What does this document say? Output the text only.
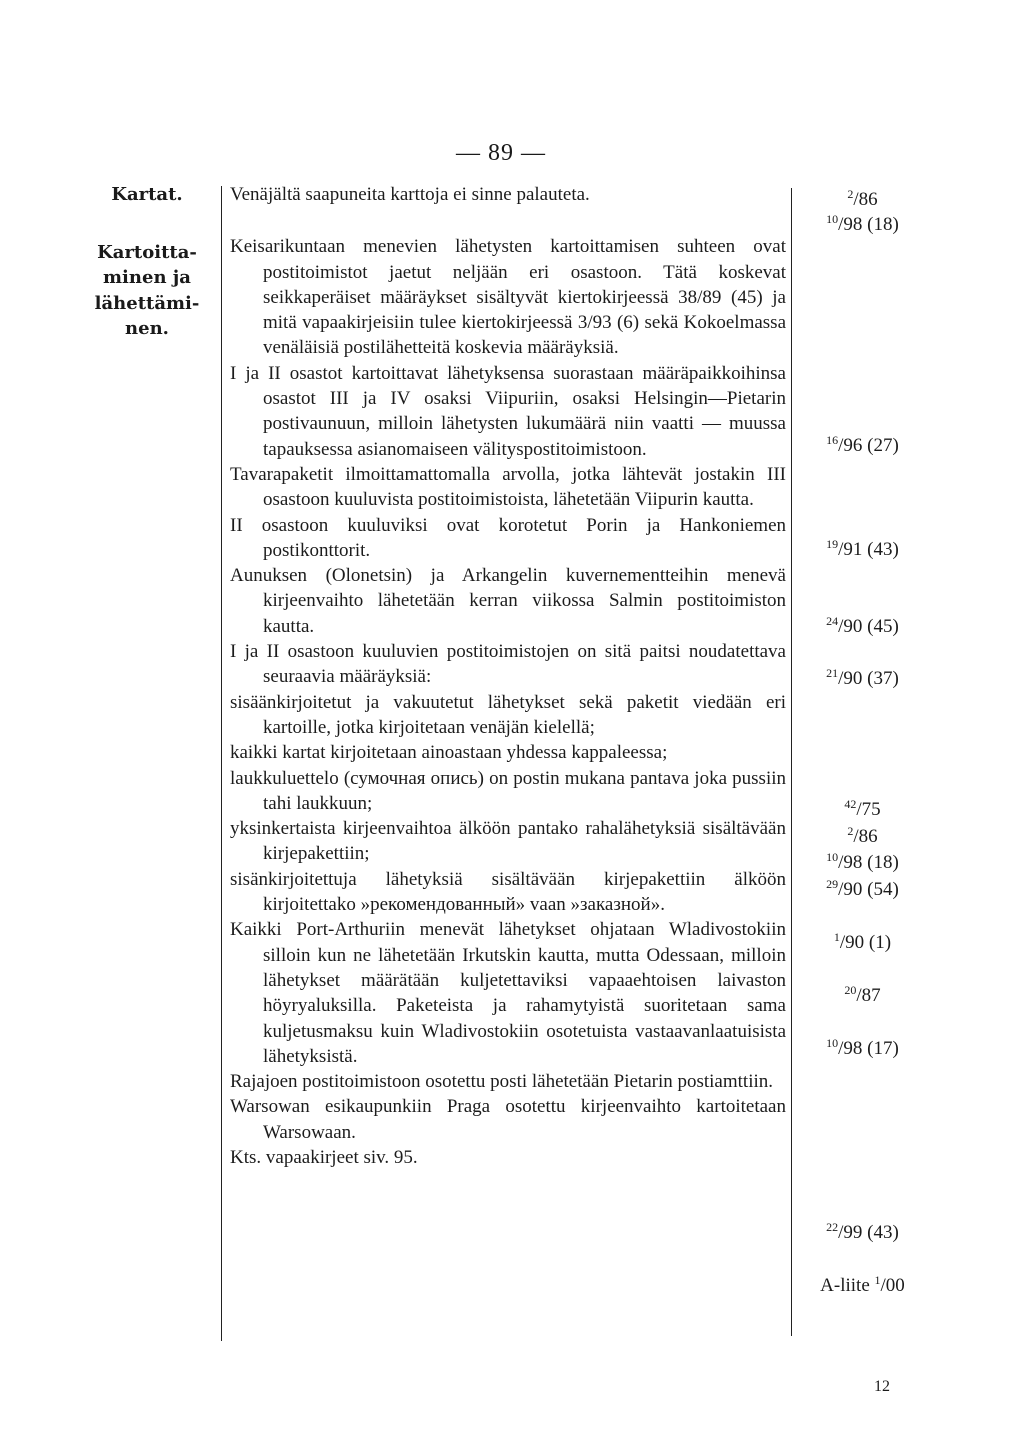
— 89 —

Kartat.

Kartoitta-minen ja lähettämi-nen.

Venäjältä saapuneita karttoja ei sinne palauteta.

Keisarikuntaan menevien lähetysten kartoittamisen suhteen ovat postitoimistot jaetut neljään eri osastoon. Tätä koskevat seikkaperäiset määräykset sisältyvät kiertokirjeessä 38/89 (45) ja mitä vapaakirjeisiin tulee kiertokirjeessä 3/93 (6) sekä Kokoelmassa venäläisiä postilähetteitä koskevia määräyksiä.

I ja II osastot kartoittavat lähetyksensa suorastaan määräpaikkoihinsa osastot III ja IV osaksi Viipuriin, osaksi Helsingin—Pietarin postivaunuun, milloin lähetysten lukumäärä niin vaatti — muussa tapauksessa asianomaiseen välityspostitoimistoon.

Tavarapaketit ilmoittamattomalla arvolla, jotka lähtevät jostakin III osastoon kuuluvista postitoimistoista, lähetetään Viipurin kautta.

II osastoon kuuluviksi ovat korotetut Porin ja Hankoniemen postikonttorit.

Aunuksen (Olonetsin) ja Arkangelin kuvernementteihin menevä kirjeenvaihto lähetetään kerran viikossa Salmin postitoimiston kautta.

I ja II osastoon kuuluvien postitoimistojen on sitä paitsi noudatettava seuraavia määräyksiä:

sisäänkirjoitetut ja vakuutetut lähetykset sekä paketit viedään eri kartoille, jotka kirjoitetaan venäjän kielellä;

kaikki kartat kirjoitetaan ainoastaan yhdessa kappaleessa;

laukkuluettelo (сумочная опись) on postin mukana pantava joka pussiin tahi laukkuun;

yksinkertaista kirjeenvaihtoa älköön pantako rahalähetyksiä sisältävään kirjepakettiin;

sisänkirjoitettuja lähetyksiä sisältävään kirjepakettiin älköön kirjoitettako »рекомендованный» vaan »заказной».

Kaikki Port-Arthuriin menevät lähetykset ohjataan Wladivostokiin silloin kun ne lähetetään Irkutskin kautta, mutta Odessaan, milloin lähetykset määrätään kuljetettaviksi vapaaehtoisen laivaston höyryaluksilla. Paketeista ja rahamytyistä suoritetaan sama kuljetusmaksu kuin Wladivostokiin osotetuista vastaavanlaatuisista lähetyksistä.

Rajajoen postitoimistoon osotettu posti lähetetään Pietarin postiamttiin.

Warsowan esikaupunkiin Praga osotettu kirjeenvaihto kartoitetaan Warsowaan.

Kts. vapaakirjeet siv. 95.

$^2$/86
$^{10}$/98 (18)
$^{16}$/96 (27)
$^{19}$/91 (43)
$^{24}$/90 (45)
$^{21}$/90 (37)
$^{42}$/75
$^2$/86
$^{10}$/98 (18)
$^{29}$/90 (54)
$^1$/90 (1)
$^{20}$/87
$^{10}$/98 (17)
$^{22}$/99 (43)
A-liite $^1$/00
12
